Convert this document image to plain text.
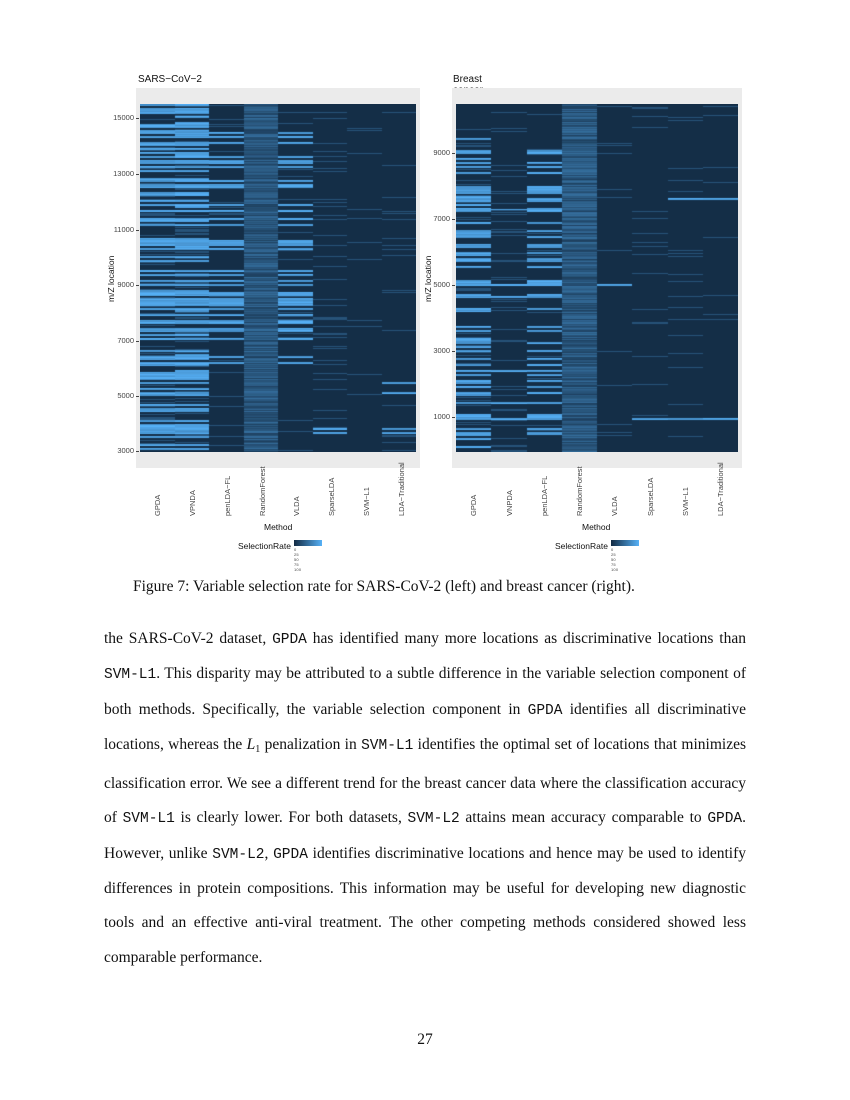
SARS−CoV−2
15000
13000
11000
9000
7000
5000
3000
GPDA	VPNDA	penLDA−FL	RandomForest	VLDA	SparseLDA	SVM−L1	LDA−Traditional
m/Z location
Method
SelectionRate 0 25 50 75 100
Breast
9000
7000
5000
3000
1000
GPDA	VNPDA	penLDA−FL	RandomForest	VLDA	SparseLDA	SVM−L1	LDA−Traditional
m/Z location
Method
SelectionRate 0 25 50 75 100
Figure 7: Variable selection rate for SARS-CoV-2 (left) and breast cancer (right).

the SARS-CoV-2 dataset, GPDA has identified many more locations as discriminative locations than SVM-L1. This disparity may be attributed to a subtle difference in the variable selection component of both methods. Specifically, the variable selection component in GPDA identifies all discriminative locations, whereas the $L_1$ penalization in SVM-L1 identifies the optimal set of locations that minimizes classification error. We see a different trend for the breast cancer data where the classification accuracy of SVM-L1 is clearly lower. For both datasets, SVM-L2 attains mean accuracy comparable to GPDA. However, unlike SVM-L2, GPDA identifies discriminative locations and hence may be used to identify differences in protein compositions. This information may be useful for developing new diagnostic tools and an effective anti-viral treatment. The other competing methods considered showed less comparable performance.

27
